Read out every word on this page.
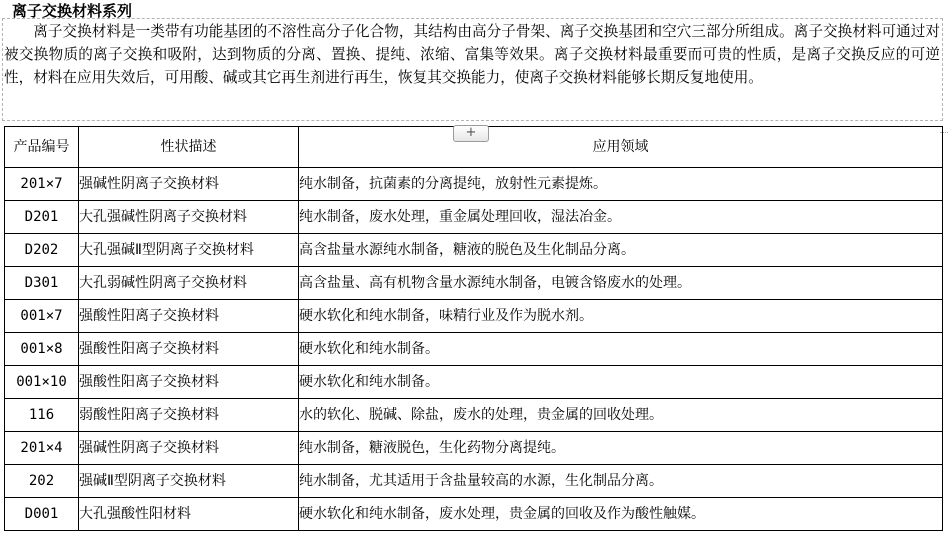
离子交换材料系列

离子交换材料是一类带有功能基团的不溶性高分子化合物，其结构由高分子骨架、离子交换基团和空穴三部分所组成。离子交换材料可通过对被交换物质的离子交换和吸附，达到物质的分离、置换、提纯、浓缩、富集等效果。离子交换材料最重要而可贵的性质，是离子交换反应的可逆性，材料在应用失效后，可用酸、碱或其它再生剂进行再生，恢复其交换能力，使离子交换材料能够长期反复地使用。

产品编号	性状描述	应用领域
201×7	强碱性阴离子交换材料	纯水制备，抗菌素的分离提纯，放射性元素提炼。
D201	大孔强碱性阴离子交换材料	纯水制备，废水处理，重金属处理回收，湿法冶金。
D202	大孔强碱Ⅱ型阴离子交换材料	高含盐量水源纯水制备，糖液的脱色及生化制品分离。
D301	大孔弱碱性阴离子交换材料	高含盐量、高有机物含量水源纯水制备，电镀含铬废水的处理。
001×7	强酸性阳离子交换材料	硬水软化和纯水制备，味精行业及作为脱水剂。
001×8	强酸性阳离子交换材料	硬水软化和纯水制备。
001×10	强酸性阳离子交换材料	硬水软化和纯水制备。
116	弱酸性阳离子交换材料	水的软化、脱碱、除盐，废水的处理，贵金属的回收处理。
201×4	强碱性阴离子交换材料	纯水制备，糖液脱色，生化药物分离提纯。
202	强碱Ⅱ型阴离子交换材料	纯水制备，尤其适用于含盐量较高的水源，生化制品分离。
D001	大孔强酸性阳材料	硬水软化和纯水制备，废水处理，贵金属的回收及作为酸性触媒。
+
